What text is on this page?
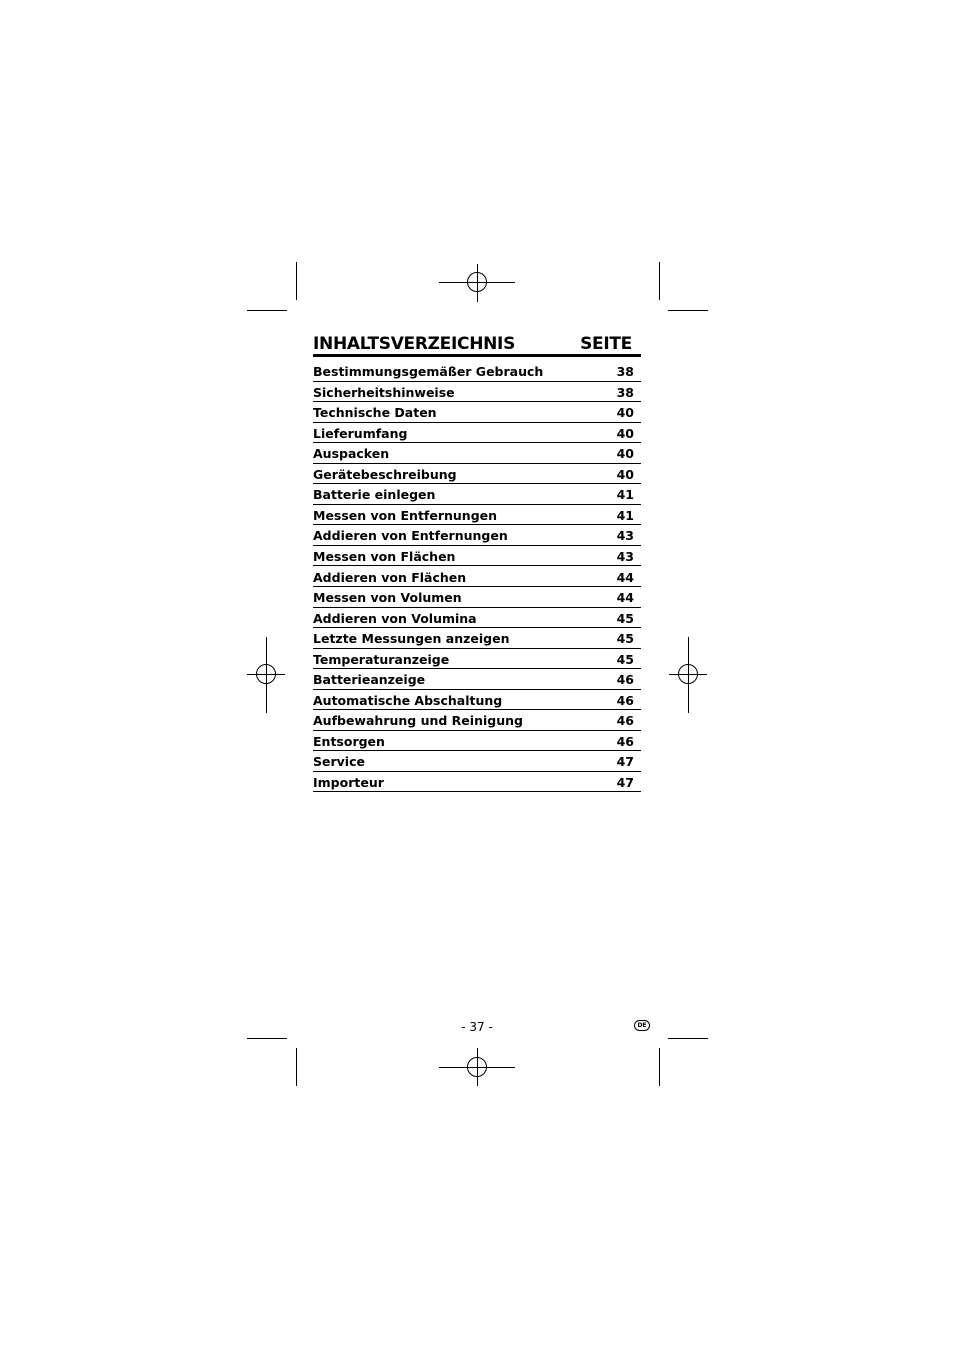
INHALTSVERZEICHNIS	SEITE
Bestimmungsgemäßer Gebrauch	38
Sicherheitshinweise	38
Technische Daten	40
Lieferumfang	40
Auspacken	40
Gerätebeschreibung	40
Batterie einlegen	41
Messen von Entfernungen	41
Addieren von Entfernungen	43
Messen von Flächen	43
Addieren von Flächen	44
Messen von Volumen	44
Addieren von Volumina	45
Letzte Messungen anzeigen	45
Temperaturanzeige	45
Batterieanzeige	46
Automatische Abschaltung	46
Aufbewahrung und Reinigung	46
Entsorgen	46
Service	47
Importeur	47
- 37 -	DE
